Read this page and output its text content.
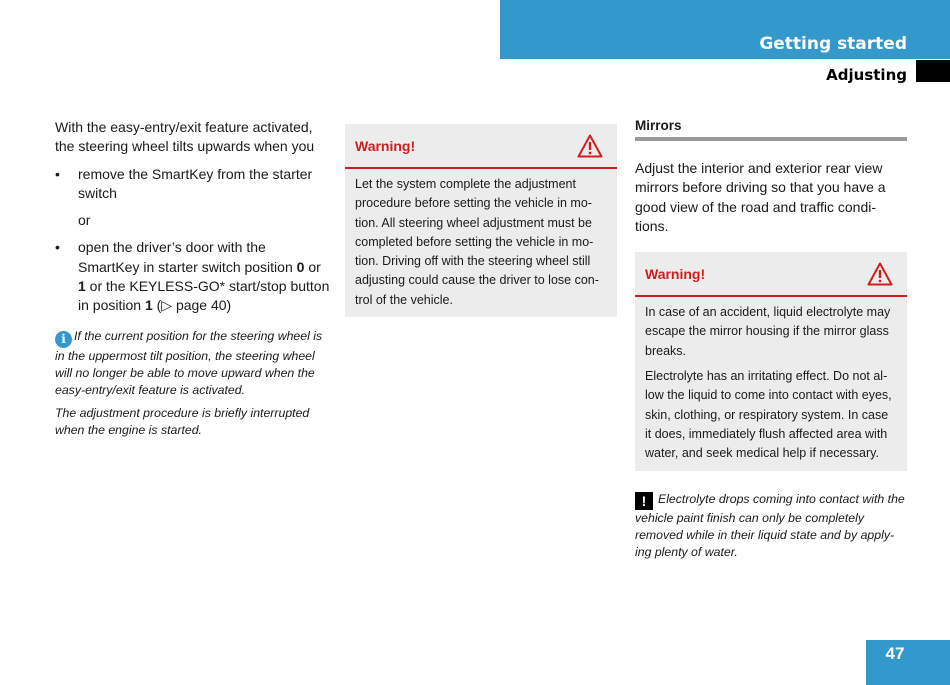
Getting started
Adjusting

With the easy-entry/exit feature activated, the steering wheel tilts upwards when you

•	remove the SmartKey from the starter switch
or
•	open the driver’s door with the SmartKey in starter switch position 0 or 1 or the KEYLESS-GO* start/stop button in position 1 (▷ page 40)

i If the current position for the steering wheel is in the uppermost tilt position, the steering wheel will no longer be able to move upward when the easy-entry/exit feature is activated.

The adjustment procedure is briefly interrupted when the engine is started.

Warning!

Let the system complete the adjustment procedure before setting the vehicle in mo-tion. All steering wheel adjustment must be completed before setting the vehicle in mo-tion. Driving off with the steering wheel still adjusting could cause the driver to lose con-trol of the vehicle.

Mirrors

Adjust the interior and exterior rear view mirrors before driving so that you have a good view of the road and traffic condi-tions.

Warning!

In case of an accident, liquid electrolyte may escape the mirror housing if the mirror glass breaks.

Electrolyte has an irritating effect. Do not al-low the liquid to come into contact with eyes, skin, clothing, or respiratory system. In case it does, immediately flush affected area with water, and seek medical help if necessary.

! Electrolyte drops coming into contact with the vehicle paint finish can only be completely removed while in their liquid state and by apply-ing plenty of water.

47
